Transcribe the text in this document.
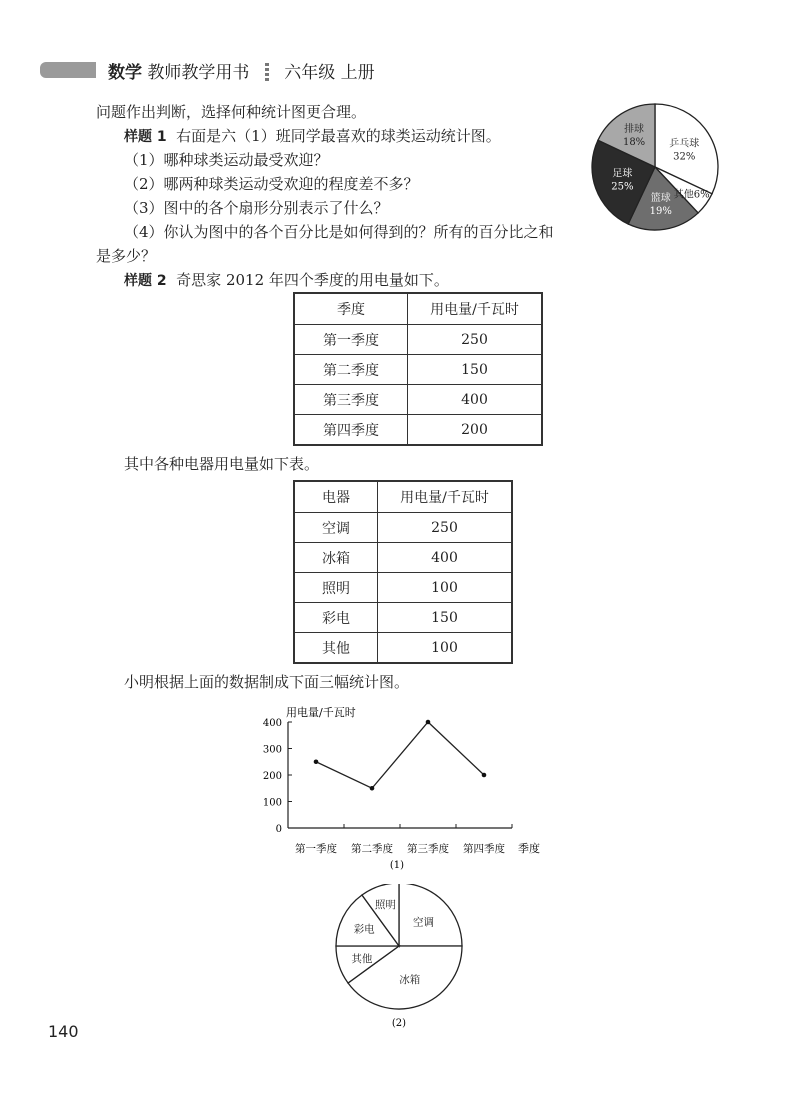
数学 教师教学用书 六年级 上册
问题作出判断，选择何种统计图更合理。
样题 1 右面是六（1）班同学最喜欢的球类运动统计图。
（1）哪种球类运动最受欢迎？
（2）哪两种球类运动受欢迎的程度差不多？
（3）图中的各个扇形分别表示了什么？
（4）你认为图中的各个百分比是如何得到的？所有的百分比之和
是多少？
样题 2 奇思家 2012 年四个季度的用电量如下。
乒乓球
32%
其他6%
篮球
19%
足球
25%
排球
18%
季度	用电量/千瓦时
第一季度	250
第二季度	150
第三季度	400
第四季度	200
其中各种电器用电量如下表。
电器	用电量/千瓦时
空调	250
冰箱	400
照明	100
彩电	150
其他	100
小明根据上面的数据制成下面三幅统计图。
用电量/千瓦时
0
100
200
300
400
第一季度 第二季度 第三季度 第四季度 季度
(1)
空调
冰箱
其他
彩电
照明
(2)
140
